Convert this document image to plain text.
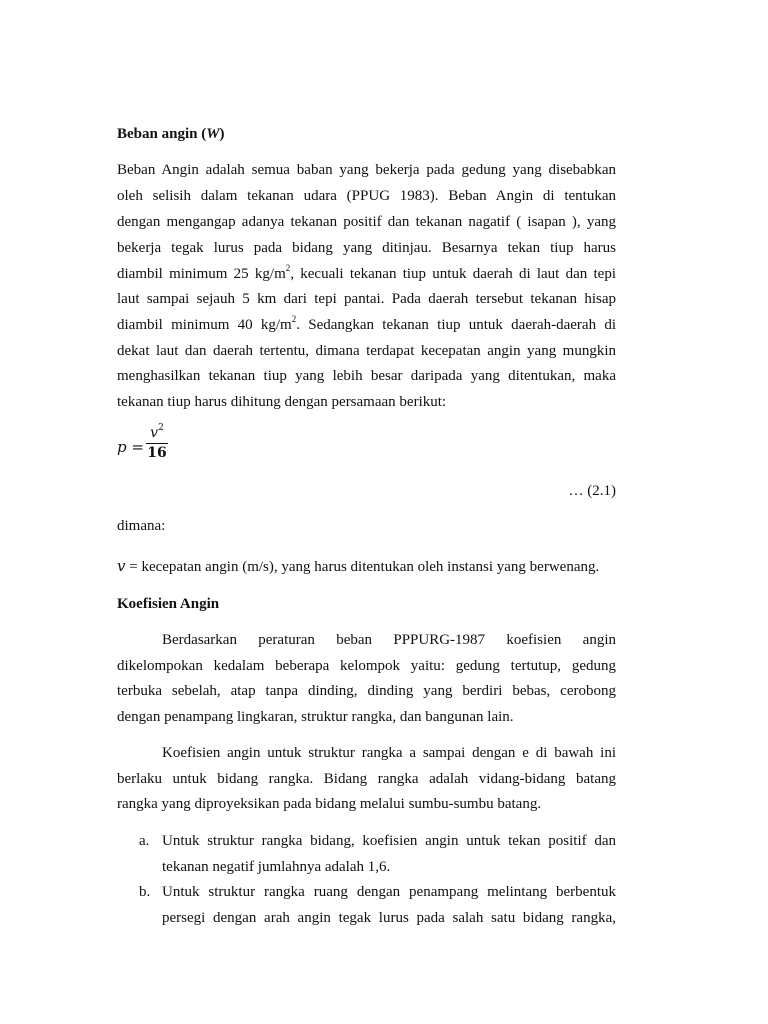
Beban angin (W)
Beban Angin adalah semua baban yang bekerja pada gedung yang disebabkan
oleh selisih dalam tekanan udara (PPUG 1983). Beban Angin di tentukan
dengan mengangap adanya tekanan positif dan tekanan nagatif ( isapan ), yang
bekerja tegak lurus pada bidang yang ditinjau. Besarnya tekan tiup harus
diambil minimum 25 $kg/m^2$, kecuali tekanan tiup untuk daerah di laut dan tepi
laut sampai sejauh 5 km dari tepi pantai. Pada daerah tersebut tekanan hisap
diambil minimum 40 $kg/m^2$. Sedangkan tekanan tiup untuk daerah-daerah di
dekat laut dan daerah tertentu, dimana terdapat kecepatan angin yang mungkin
menghasilkan tekanan tiup yang lebih besar daripada yang ditentukan, maka
tekanan tiup harus dihitung dengan persamaan berikut:
p =
$v^2$
16
… (2.1)
dimana:
v = kecepatan angin (m/s), yang harus ditentukan oleh instansi yang berwenang.
Koefisien Angin
Berdasarkan peraturan beban PPPURG-1987 koefisien angin
dikelompokan kedalam beberapa kelompok yaitu: gedung tertutup, gedung
terbuka sebelah, atap tanpa dinding, dinding yang berdiri bebas, cerobong
dengan penampang lingkaran, struktur rangka, dan bangunan lain.
Koefisien angin untuk struktur rangka a sampai dengan e di bawah ini
berlaku untuk bidang rangka. Bidang rangka adalah vidang-bidang batang
rangka yang diproyeksikan pada bidang melalui sumbu-sumbu batang.
a. Untuk struktur rangka bidang, koefisien angin untuk tekan positif dan
tekanan negatif jumlahnya adalah 1,6.
b. Untuk struktur rangka ruang dengan penampang melintang berbentuk
persegi dengan arah angin tegak lurus pada salah satu bidang rangka,
